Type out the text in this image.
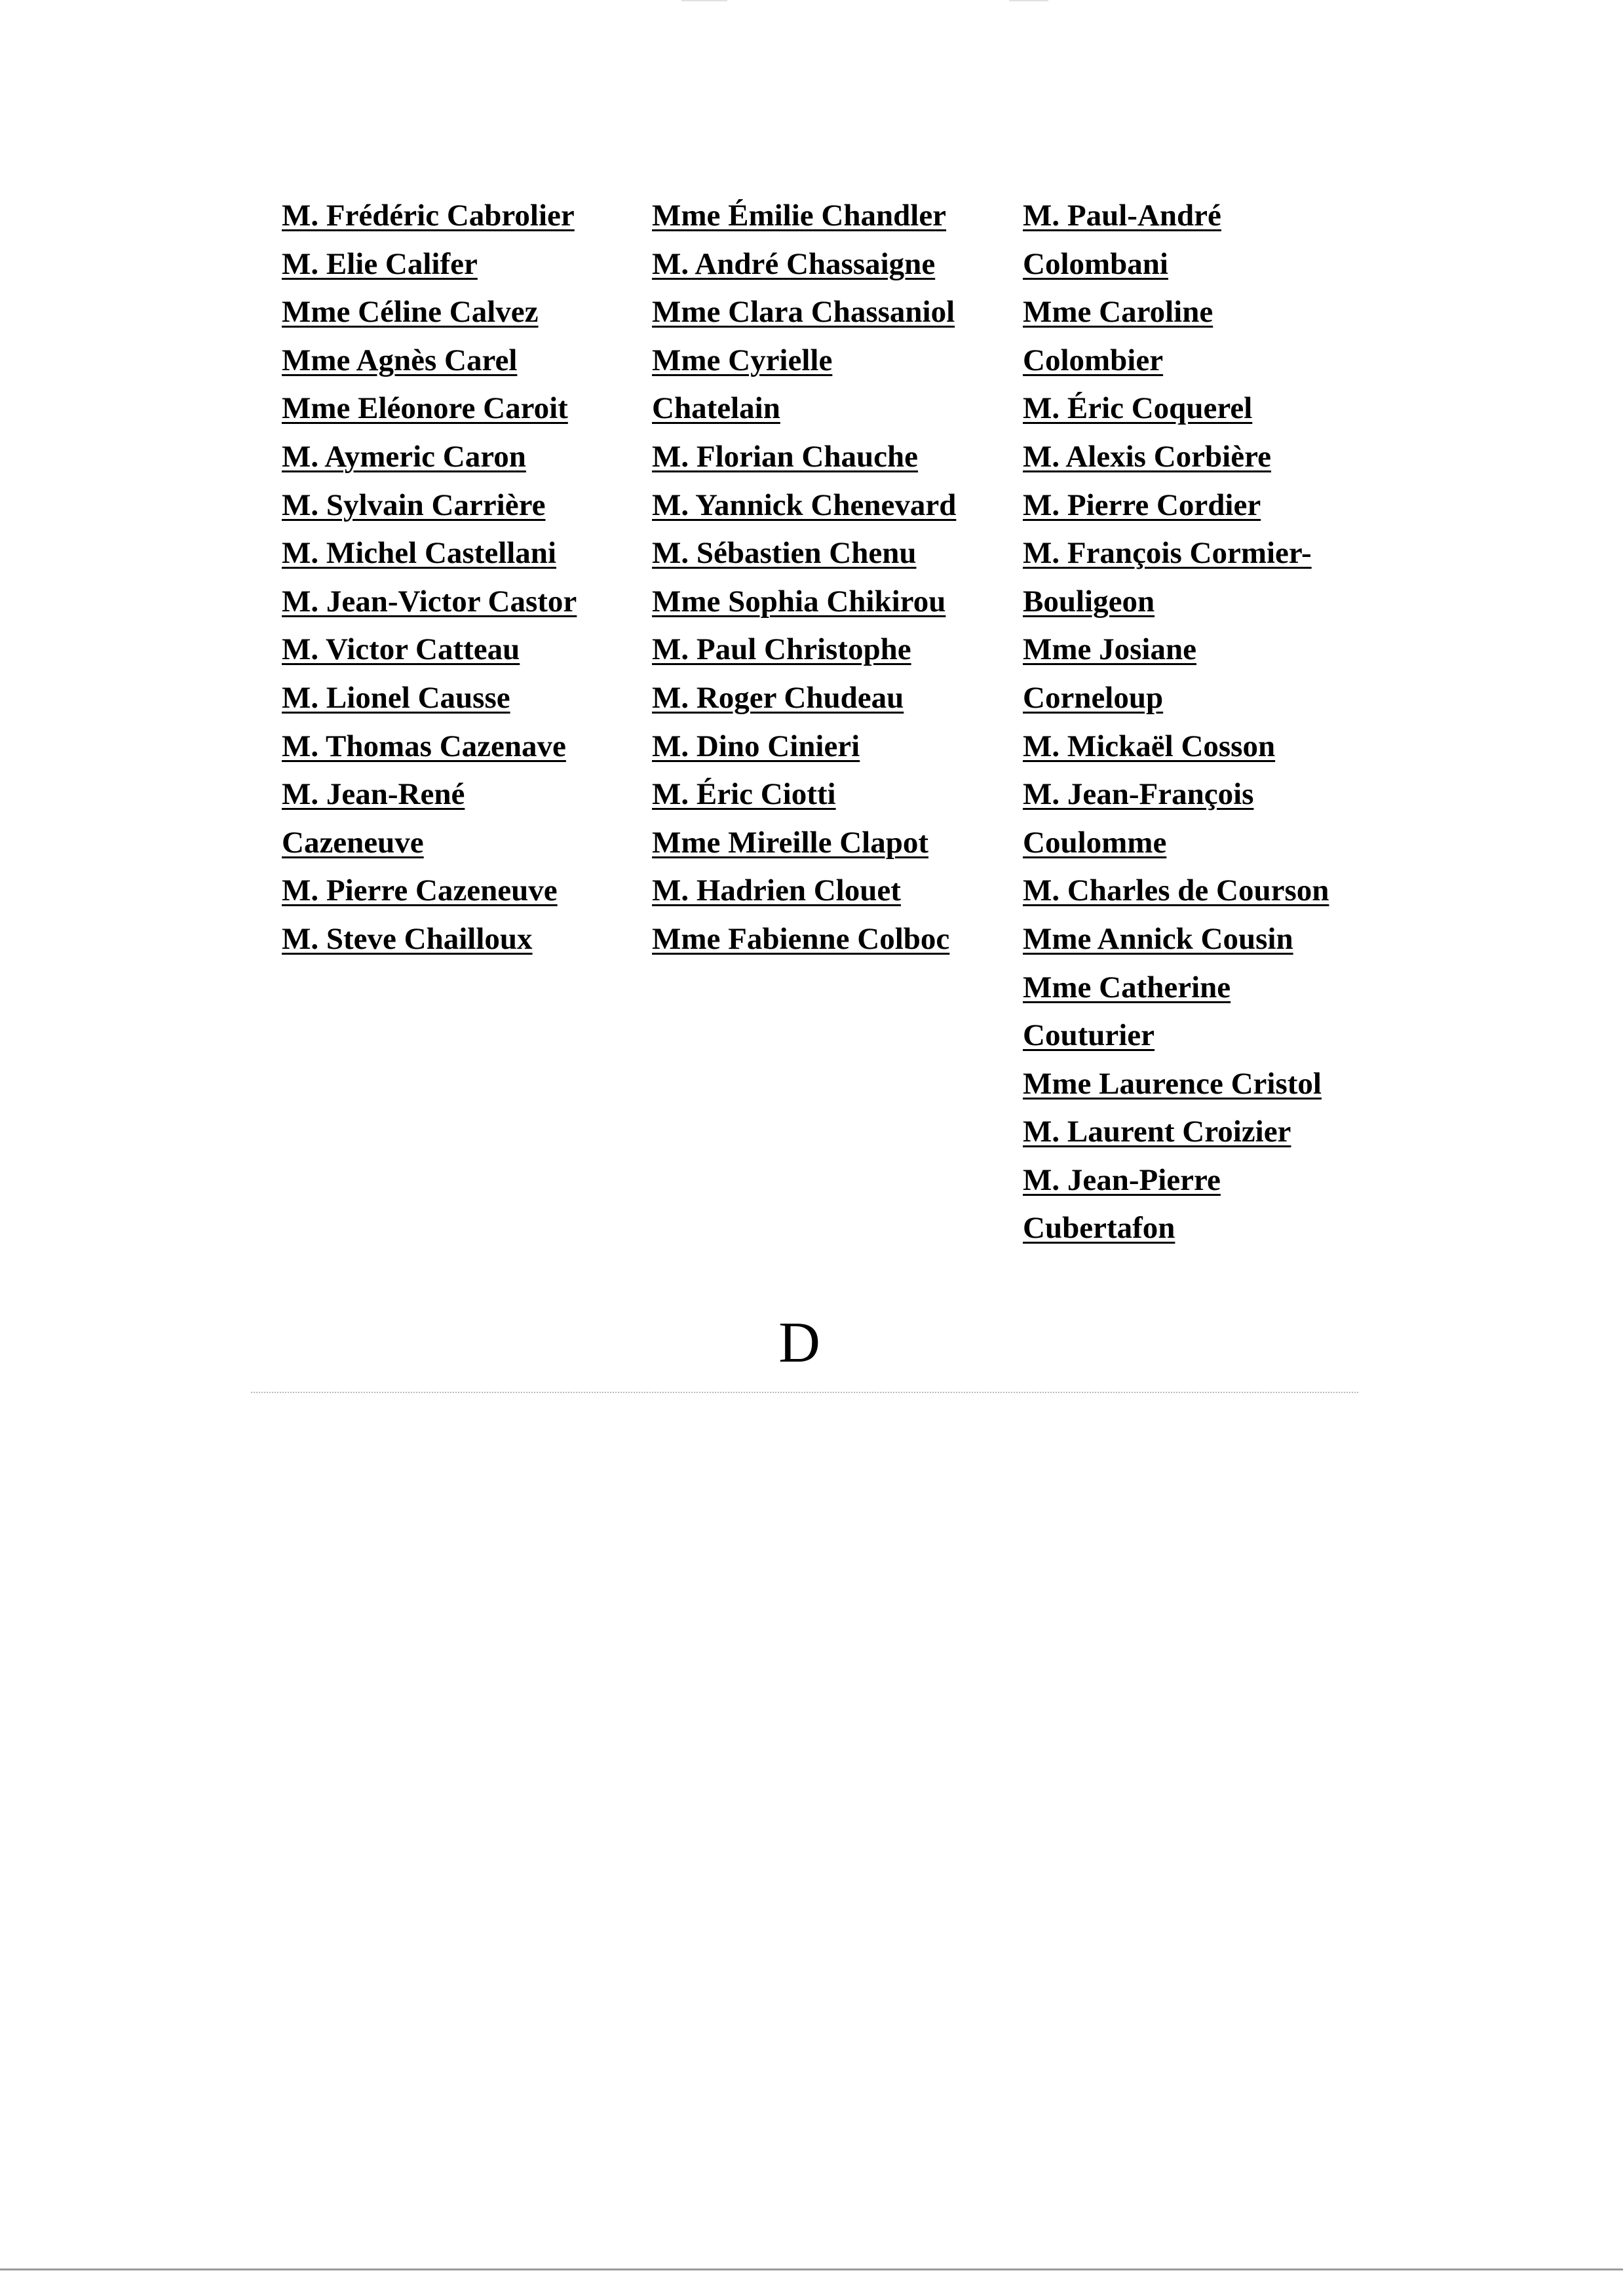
M. Frédéric Cabrolier
M. Elie Califer
Mme Céline Calvez
Mme Agnès Carel
Mme Eléonore Caroit
M. Aymeric Caron
M. Sylvain Carrière
M. Michel Castellani
M. Jean-Victor Castor
M. Victor Catteau
M. Lionel Causse
M. Thomas Cazenave
M. Jean-René
Cazeneuve
M. Pierre Cazeneuve
M. Steve Chailloux
Mme Émilie Chandler
M. André Chassaigne
Mme Clara Chassaniol
Mme Cyrielle
Chatelain
M. Florian Chauche
M. Yannick Chenevard
M. Sébastien Chenu
Mme Sophia Chikirou
M. Paul Christophe
M. Roger Chudeau
M. Dino Cinieri
M. Éric Ciotti
Mme Mireille Clapot
M. Hadrien Clouet
Mme Fabienne Colboc
M. Paul-André
Colombani
Mme Caroline
Colombier
M. Éric Coquerel
M. Alexis Corbière
M. Pierre Cordier
M. François Cormier-
Bouligeon
Mme Josiane
Corneloup
M. Mickaël Cosson
M. Jean-François
Coulomme
M. Charles de Courson
Mme Annick Cousin
Mme Catherine
Couturier
Mme Laurence Cristol
M. Laurent Croizier
M. Jean-Pierre
Cubertafon
D
